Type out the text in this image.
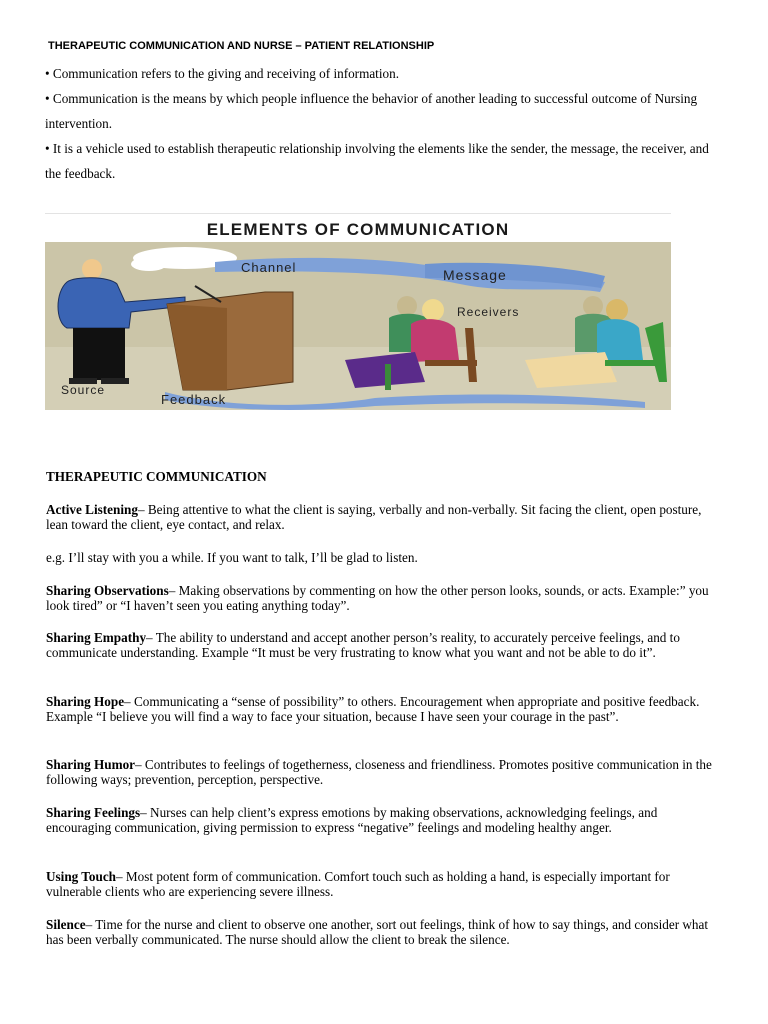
THERAPEUTIC COMMUNICATION AND NURSE – PATIENT RELATIONSHIP

• Communication refers to the giving and receiving of information.

• Communication is the means by which people influence the behavior of another leading to successful outcome of Nursing intervention.

• It is a vehicle used to establish therapeutic relationship involving the elements like the sender, the message, the receiver, and the feedback.

ELEMENTS OF COMMUNICATION
Channel	Message
Receivers
Source
Feedback
THERAPEUTIC COMMUNICATION

Active Listening– Being attentive to what the client is saying, verbally and non-verbally. Sit facing the client, open posture, lean toward the client, eye contact, and relax.

e.g. I’ll stay with you a while. If you want to talk, I’ll be glad to listen.

Sharing Observations– Making observations by commenting on how the other person looks, sounds, or acts. Example:” you look tired” or “I haven’t seen you eating anything today”.

Sharing Empathy– The ability to understand and accept another person’s reality, to accurately perceive feelings, and to communicate understanding. Example “It must be very frustrating to know what you want and not be able to do it”.

Sharing Hope– Communicating a “sense of possibility” to others. Encouragement when appropriate and positive feedback. Example “I believe you will find a way to face your situation, because I have seen your courage in the past”.

Sharing Humor– Contributes to feelings of togetherness, closeness and friendliness. Promotes positive communication in the following ways; prevention, perception, perspective.

Sharing Feelings– Nurses can help client’s express emotions by making observations, acknowledging feelings, and encouraging communication, giving permission to express “negative” feelings and modeling healthy anger.

Using Touch– Most potent form of communication. Comfort touch such as holding a hand, is especially important for vulnerable clients who are experiencing severe illness.

Silence– Time for the nurse and client to observe one another, sort out feelings, think of how to say things, and consider what has been verbally communicated. The nurse should allow the client to break the silence.
